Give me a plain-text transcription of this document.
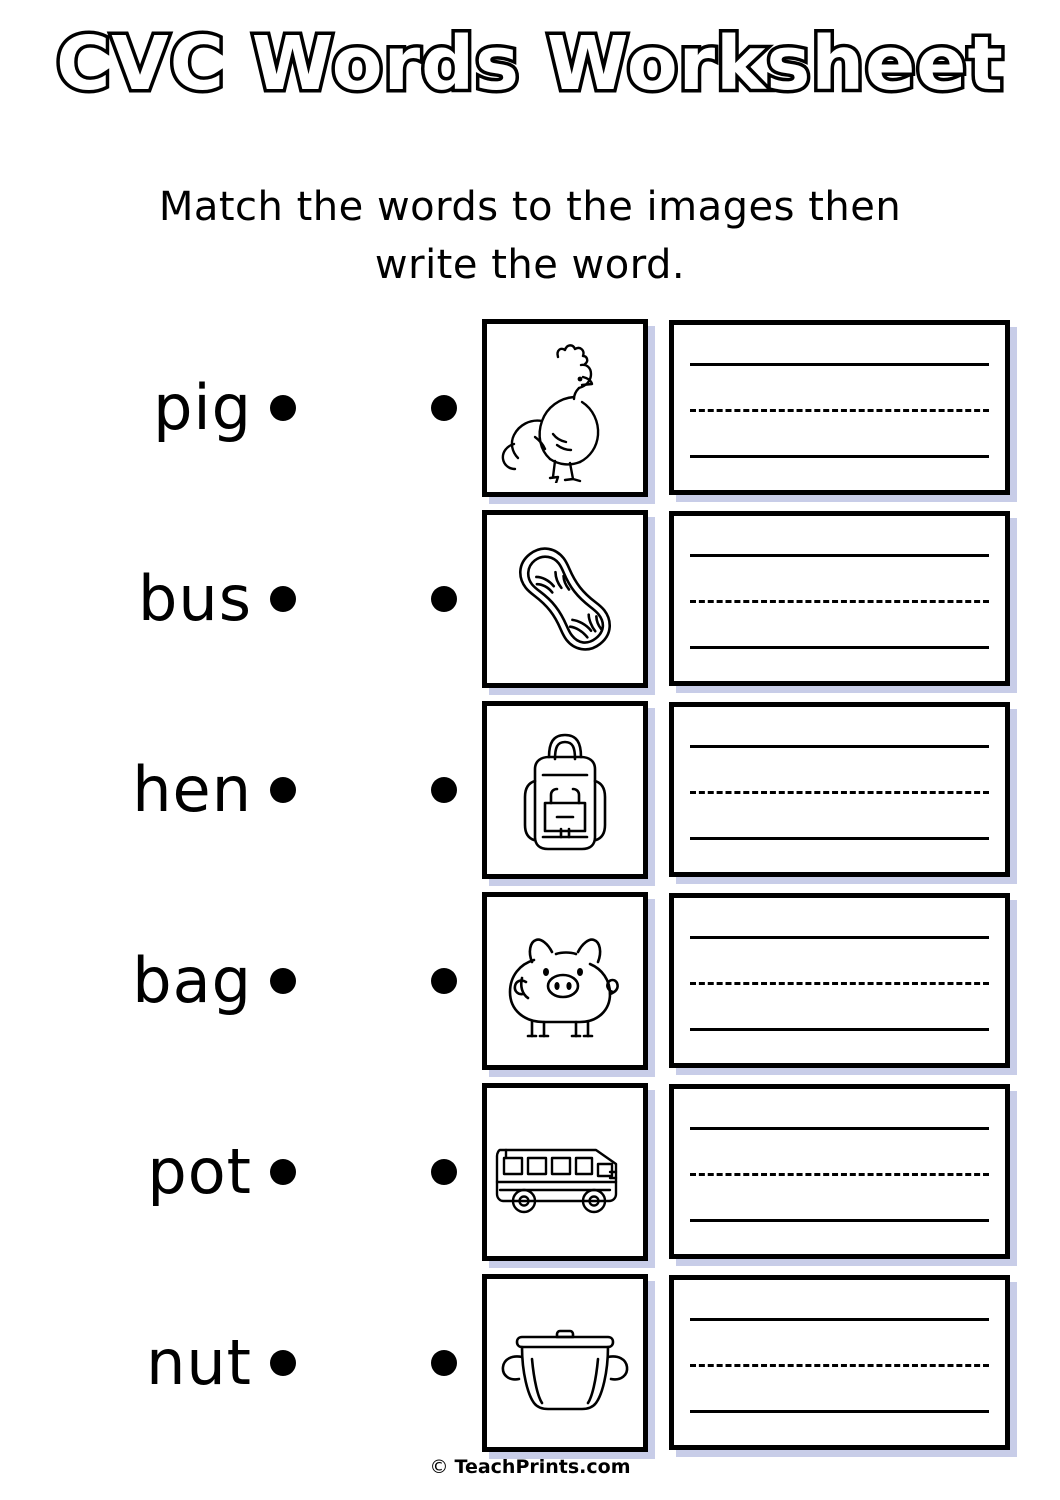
CVC Words Worksheet
Match the words to the images then
write the word.
pig
bus
hen
bag
pot
nut
© TeachPrints.com
